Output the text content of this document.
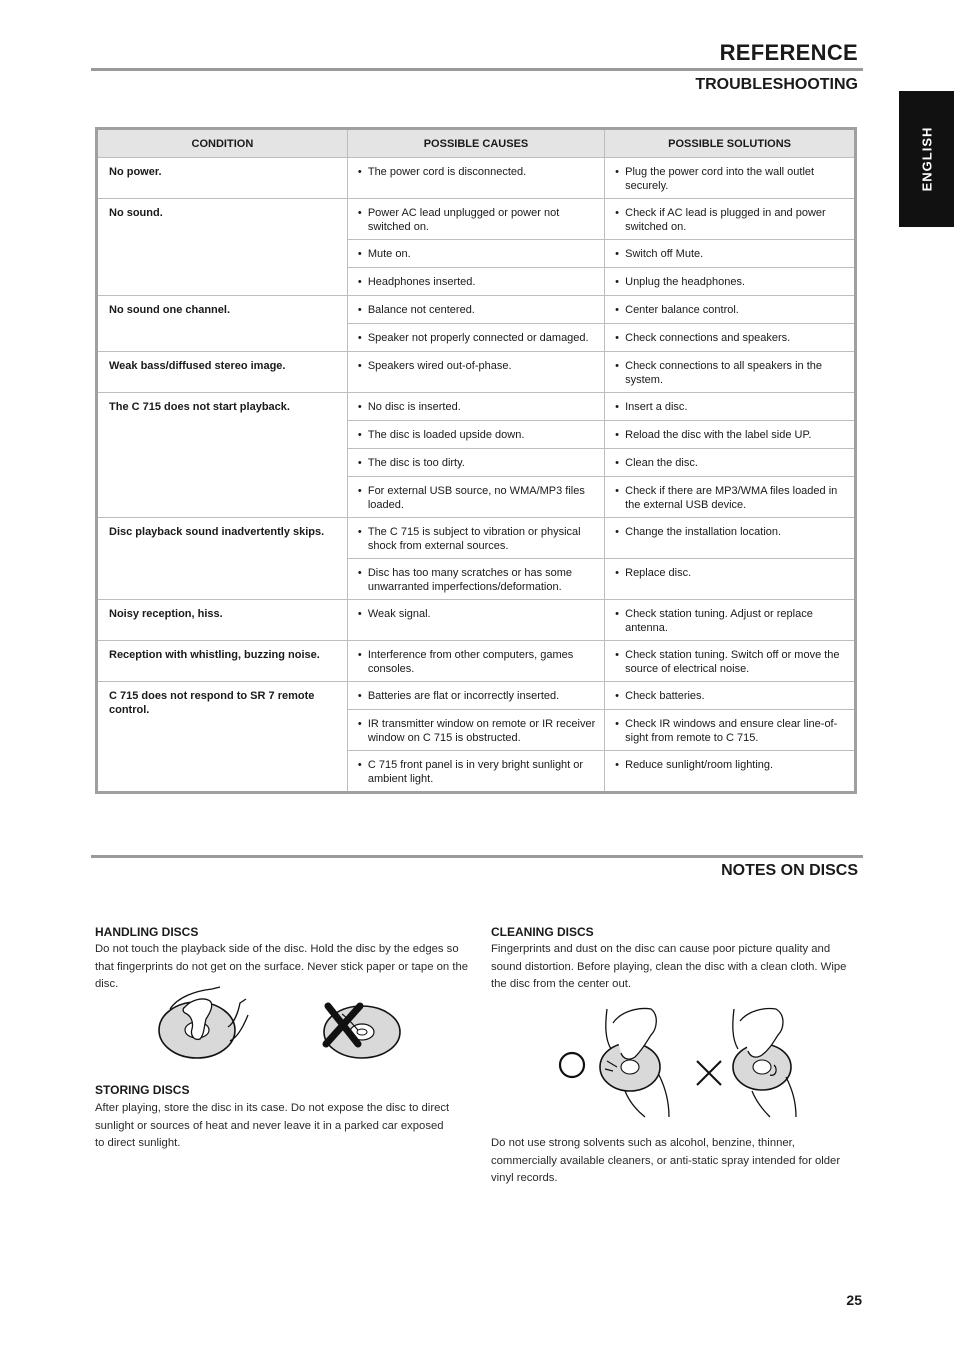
REFERENCE
TROUBLESHOOTING
ENGLISH
CONDITION	POSSIBLE CAUSES	POSSIBLE SOLUTIONS
No power.	• The power cord is disconnected.	• Plug the power cord into the wall outlet securely.

No sound.	• Power AC lead unplugged or power not switched on.	• Check if AC lead is plugged in and power switched on.

	• Mute on.	• Switch off Mute.

	• Headphones inserted.	• Unplug the headphones.

No sound one channel.	• Balance not centered.	• Center balance control.

	• Speaker not properly connected or damaged.	• Check connections and speakers.

Weak bass/diffused stereo image.	• Speakers wired out-of-phase.	• Check connections to all speakers in the system.

The C 715 does not start playback.	• No disc is inserted.	• Insert a disc.

	• The disc is loaded upside down.	• Reload the disc with the label side UP.

	• The disc is too dirty.	• Clean the disc.

	• For external USB source, no WMA/MP3 files loaded.	• Check if there are MP3/WMA files loaded in the external USB device.

Disc playback sound inadvertently skips.	• The C 715 is subject to vibration or physical shock from external sources.	• Change the installation location.

	• Disc has too many scratches or has some unwarranted imperfections/deformation.	• Replace disc.

Noisy reception, hiss.	• Weak signal.	• Check station tuning. Adjust or replace antenna.

Reception with whistling, buzzing noise.	• Interference from other computers, games consoles.	• Check station tuning. Switch off or move the source of electrical noise.

C 715 does not respond to SR 7 remote control.	• Batteries are flat or incorrectly inserted.	• Check batteries.

	• IR transmitter window on remote or IR receiver window on C 715 is obstructed.	• Check IR windows and ensure clear line-of-sight from remote to C 715.

	• C 715 front panel is in very bright sunlight or ambient light.	• Reduce sunlight/room lighting.
NOTES ON DISCS
HANDLING DISCS
Do not touch the playback side of the disc. Hold the disc by the edges so that fingerprints do not get on the surface. Never stick paper or tape on the disc.
STORING DISCS
After playing, store the disc in its case. Do not expose the disc to direct sunlight or sources of heat and never leave it in a parked car exposed to direct sunlight.
CLEANING DISCS
Fingerprints and dust on the disc can cause poor picture quality and sound distortion. Before playing, clean the disc with a clean cloth. Wipe the disc from the center out.
Do not use strong solvents such as alcohol, benzine, thinner, commercially available cleaners, or anti-static spray intended for older vinyl records.
25
